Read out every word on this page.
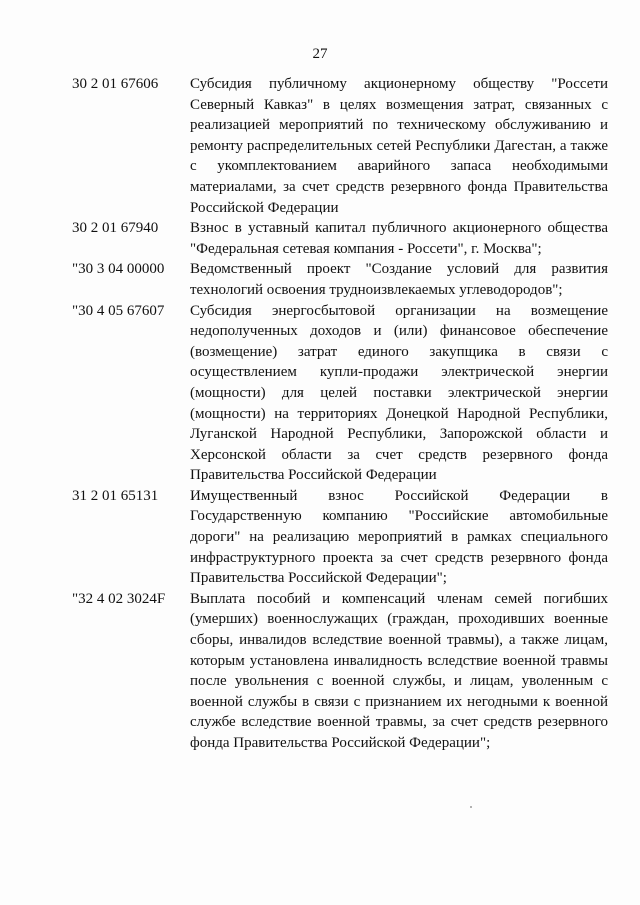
27
30 2 01 67606	Субсидия публичному акционерному обществу "Россети Северный Кавказ" в целях возмещения затрат, связанных с реализацией мероприятий по техническому обслуживанию и ремонту распределительных сетей Республики Дагестан, а также с укомплектованием аварийного запаса необходимыми материалами, за счет средств резервного фонда Правительства Российской Федерации
30 2 01 67940	Взнос в уставный капитал публичного акционерного общества "Федеральная сетевая компания - Россети", г. Москва";
"30 3 04 00000	Ведомственный проект "Создание условий для развития технологий освоения трудноизвлекаемых углеводородов";
"30 4 05 67607	Субсидия энергосбытовой организации на возмещение недополученных доходов и (или) финансовое обеспечение (возмещение) затрат единого закупщика в связи с осуществлением купли-продажи электрической энергии (мощности) для целей поставки электрической энергии (мощности) на территориях Донецкой Народной Республики, Луганской Народной Республики, Запорожской области и Херсонской области за счет средств резервного фонда Правительства Российской Федерации
31 2 01 65131	Имущественный взнос Российской Федерации в Государственную компанию "Российские автомобильные дороги" на реализацию мероприятий в рамках специального инфраструктурного проекта за счет средств резервного фонда Правительства Российской Федерации";
"32 4 02 3024F	Выплата пособий и компенсаций членам семей погибших (умерших) военнослужащих (граждан, проходивших военные сборы, инвалидов вследствие военной травмы), а также лицам, которым установлена инвалидность вследствие военной травмы после увольнения с военной службы, и лицам, уволенным с военной службы в связи с признанием их негодными к военной службе вследствие военной травмы, за счет средств резервного фонда Правительства Российской Федерации";
